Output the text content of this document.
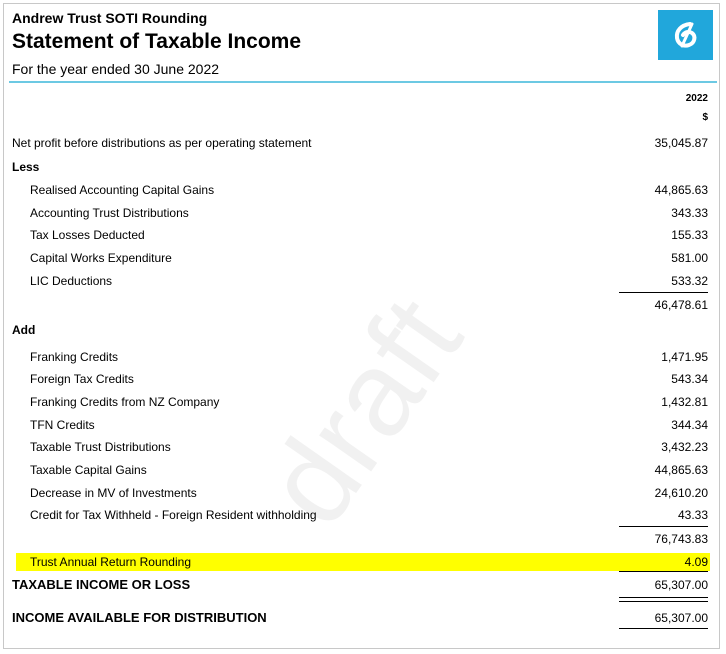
Andrew Trust SOTI Rounding
Statement of Taxable Income
For the year ended 30 June 2022
2022
$
Net profit before distributions as per operating statement	35,045.87
Less
Realised Accounting Capital Gains	44,865.63
Accounting Trust Distributions	343.33
Tax Losses Deducted	155.33
Capital Works Expenditure	581.00
LIC Deductions	533.32
46,478.61
Add
Franking Credits	1,471.95
Foreign Tax Credits	543.34
Franking Credits from NZ Company	1,432.81
TFN Credits	344.34
Taxable Trust Distributions	3,432.23
Taxable Capital Gains	44,865.63
Decrease in MV of Investments	24,610.20
Credit for Tax Withheld - Foreign Resident withholding	43.33
76,743.83
Trust Annual Return Rounding	4.09
TAXABLE INCOME OR LOSS	65,307.00
INCOME AVAILABLE FOR DISTRIBUTION	65,307.00
